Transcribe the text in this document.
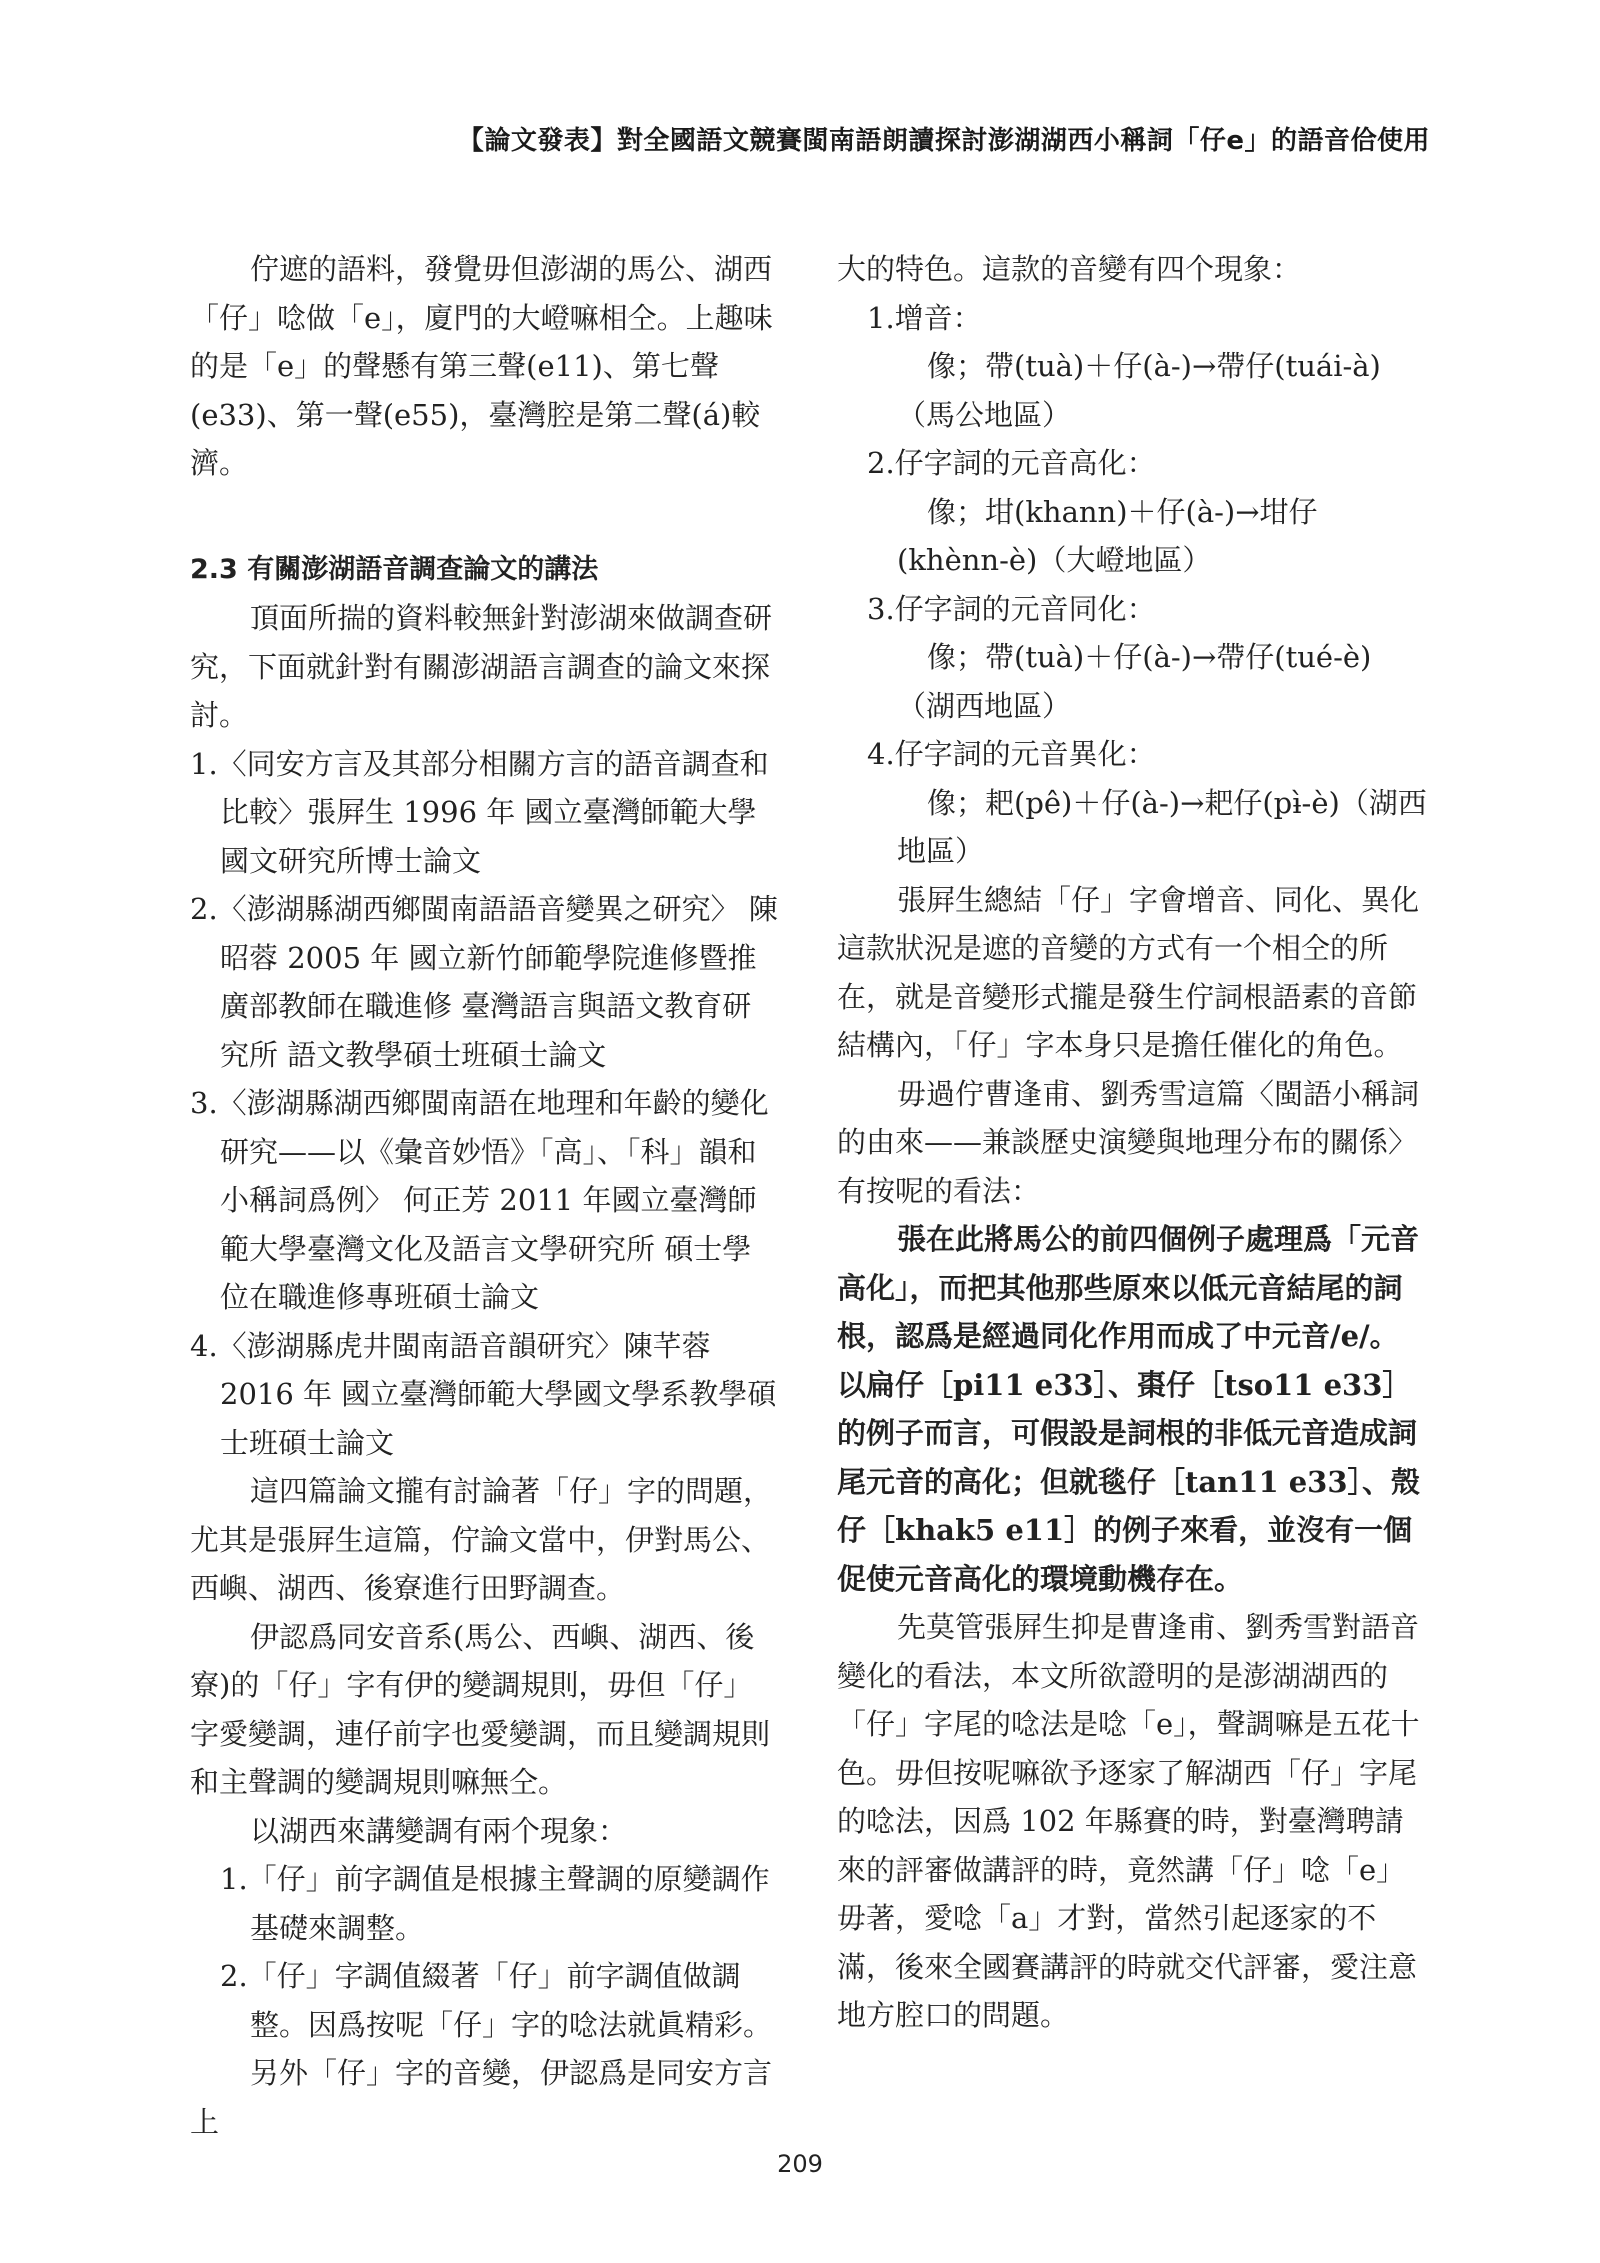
【論文發表】對全國語文競賽閩南語朗讀探討澎湖湖西小稱詞「仔e」的語音佮使用

佇遮的語料，發覺毋但澎湖的馬公、湖西「仔」唸做「e」，廈門的大嶝嘛相仝。上趣味的是「e」的聲懸有第三聲(e11)、第七聲(e33)、第一聲(e55)，臺灣腔是第二聲(á)較濟。

2.3 有關澎湖語音調查論文的講法

頂面所揣的資料較無針對澎湖來做調查研究，下面就針對有關澎湖語言調查的論文來探討。

1.〈同安方言及其部分相關方言的語音調查和比較〉張屛生 1996 年 國立臺灣師範大學國文研究所博士論文

2.〈澎湖縣湖西鄉閩南語語音變異之研究〉 陳昭蓉 2005 年 國立新竹師範學院進修暨推廣部教師在職進修 臺灣語言與語文教育研究所 語文教學碩士班碩士論文

3.〈澎湖縣湖西鄉閩南語在地理和年齡的變化研究——以《彙音妙悟》「高」、「科」韻和小稱詞爲例〉 何正芳 2011 年國立臺灣師範大學臺灣文化及語言文學研究所 碩士學位在職進修專班碩士論文

4.〈澎湖縣虎井閩南語音韻研究〉陳芊蓉 2016 年 國立臺灣師範大學國文學系教學碩士班碩士論文

這四篇論文攏有討論著「仔」字的問題，尤其是張屛生這篇，佇論文當中，伊對馬公、西嶼、湖西、後寮進行田野調查。

伊認爲同安音系(馬公、西嶼、湖西、後寮)的「仔」字有伊的變調規則，毋但「仔」字愛變調，連仔前字也愛變調，而且變調規則和主聲調的變調規則嘛無仝。

以湖西來講變調有兩个現象：

1.「仔」前字調值是根據主聲調的原變調作基礎來調整。

2.「仔」字調值綴著「仔」前字調值做調整。因爲按呢「仔」字的唸法就眞精彩。

另外「仔」字的音變，伊認爲是同安方言上

大的特色。這款的音變有四个現象：

1.增音：

像；帶(tuà)＋仔(à-)→帶仔(tuái-à)（馬公地區）

2.仔字詞的元音高化：

像；坩(khann)＋仔(à-)→坩仔(khènn-è)（大嶝地區）

3.仔字詞的元音同化：

像；帶(tuà)＋仔(à-)→帶仔(tué-è)（湖西地區）

4.仔字詞的元音異化：

像；耙(pê)＋仔(à-)→耙仔(pɨ̀-è)（湖西地區）

張屛生總結「仔」字會增音、同化、異化這款狀況是遮的音變的方式有一个相仝的所在，就是音變形式攏是發生佇詞根語素的音節結構內，「仔」字本身只是擔任催化的角色。

毋過佇曹逢甫、劉秀雪這篇〈閩語小稱詞的由來——兼談歷史演變與地理分布的關係〉有按呢的看法：

張在此將馬公的前四個例子處理爲「元音高化」，而把其他那些原來以低元音結尾的詞根，認爲是經過同化作用而成了中元音/e/。以扁仔［pi11 e33］、棗仔［tso11 e33］的例子而言，可假設是詞根的非低元音造成詞尾元音的高化；但就毯仔［tan11 e33］、殼仔［khak5 e11］的例子來看，並沒有一個促使元音高化的環境動機存在。

先莫管張屛生抑是曹逢甫、劉秀雪對語音變化的看法，本文所欲證明的是澎湖湖西的「仔」字尾的唸法是唸「e」，聲調嘛是五花十色。毋但按呢嘛欲予逐家了解湖西「仔」字尾的唸法，因爲 102 年縣賽的時，對臺灣聘請來的評審做講評的時，竟然講「仔」唸「e」毋著，愛唸「a」才對，當然引起逐家的不滿，後來全國賽講評的時就交代評審，愛注意地方腔口的問題。

209
